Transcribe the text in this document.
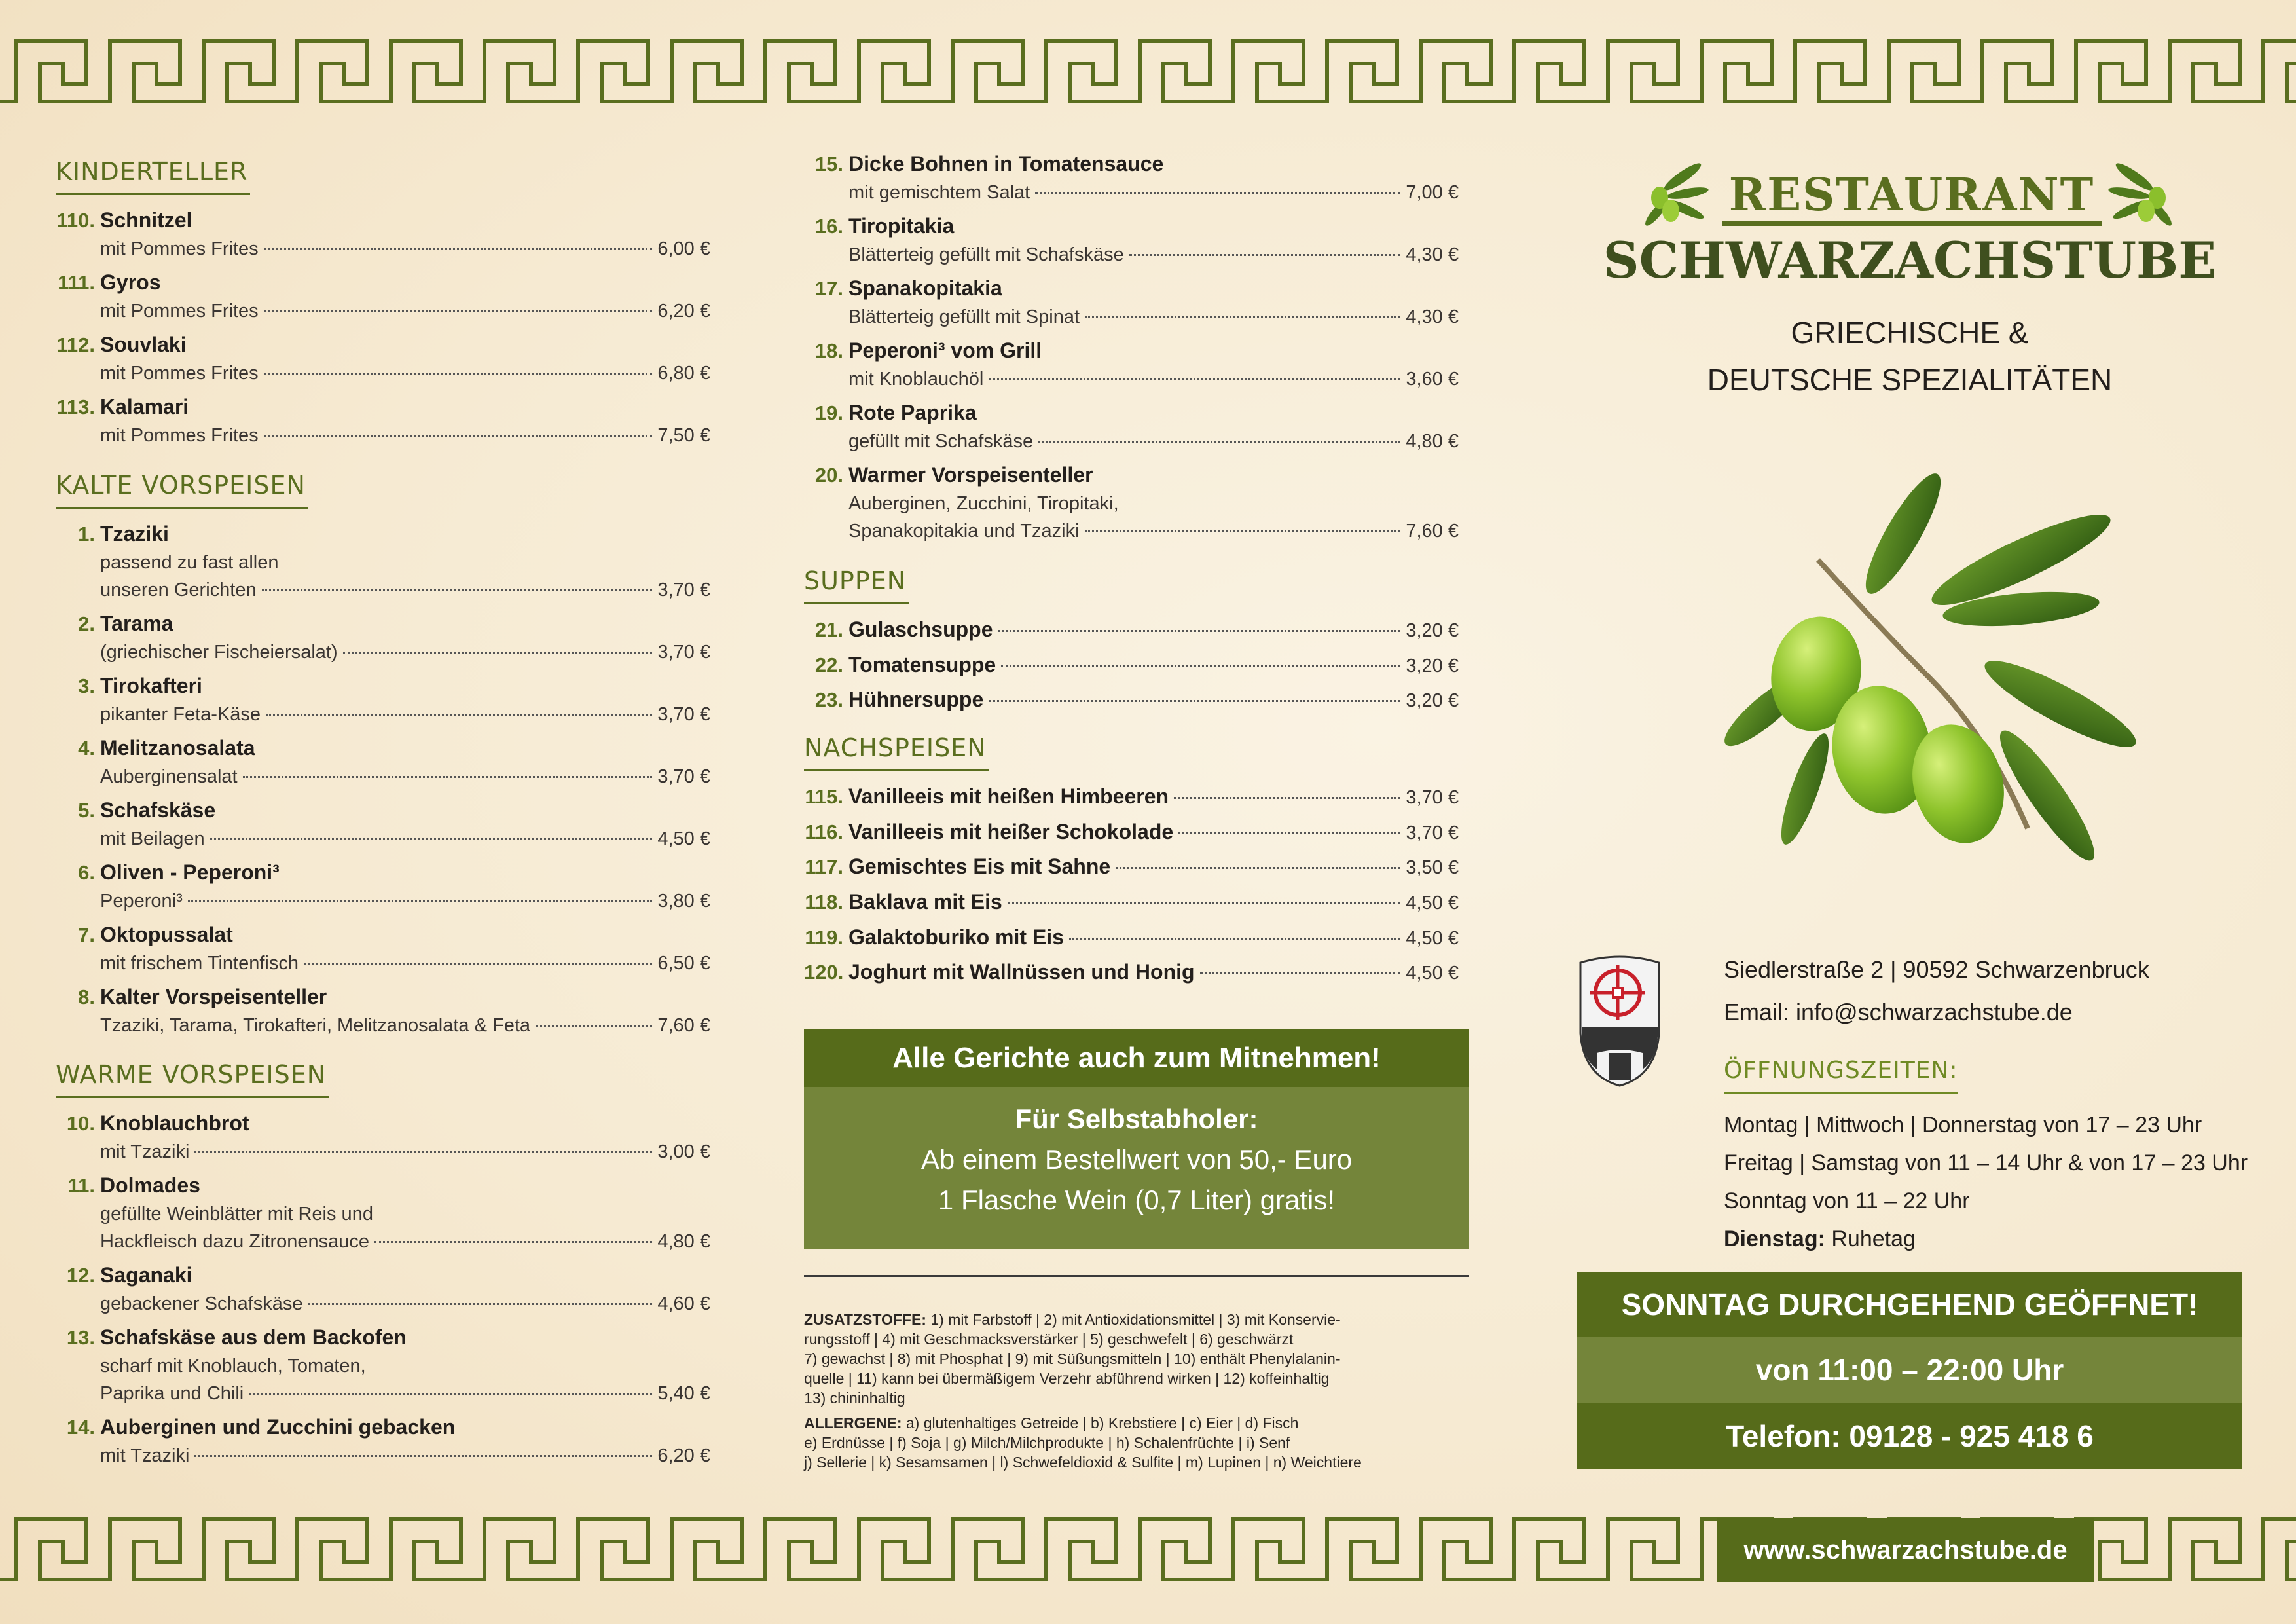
KINDERTELLER
110. Schnitzel
mit Pommes Frites	6,00 €
111. Gyros
mit Pommes Frites	6,20 €
112. Souvlaki
mit Pommes Frites	6,80 €
113. Kalamari
mit Pommes Frites	7,50 €
KALTE VORSPEISEN
1. Tzaziki
passend zu fast allen
unseren Gerichten	3,70 €
2. Tarama
(griechischer Fischeiersalat)	3,70 €
3. Tirokafteri
pikanter Feta-Käse	3,70 €
4. Melitzanosalata
Auberginensalat	3,70 €
5. Schafskäse
mit Beilagen	4,50 €
6. Oliven - Peperoni³
Peperoni³	3,80 €
7. Oktopussalat
mit frischem Tintenfisch	6,50 €
8. Kalter Vorspeisenteller
Tzaziki, Tarama, Tirokafteri, Melitzanosalata & Feta	7,60 €
WARME VORSPEISEN
10. Knoblauchbrot
mit Tzaziki	3,00 €
11. Dolmades
gefüllte Weinblätter mit Reis und
Hackfleisch dazu Zitronensauce	4,80 €
12. Saganaki
gebackener Schafskäse	4,60 €
13. Schafskäse aus dem Backofen
scharf mit Knoblauch, Tomaten,
Paprika und Chili	5,40 €
14. Auberginen und Zucchini gebacken
mit Tzaziki	6,20 €
15. Dicke Bohnen in Tomatensauce
mit gemischtem Salat	7,00 €
16. Tiropitakia
Blätterteig gefüllt mit Schafskäse	4,30 €
17. Spanakopitakia
Blätterteig gefüllt mit Spinat	4,30 €
18. Peperoni³ vom Grill
mit Knoblauchöl	3,60 €
19. Rote Paprika
gefüllt mit Schafskäse	4,80 €
20. Warmer Vorspeisenteller
Auberginen, Zucchini, Tiropitaki,
Spanakopitakia und Tzaziki	7,60 €
SUPPEN
21. Gulaschsuppe	3,20 €
22. Tomatensuppe	3,20 €
23. Hühnersuppe	3,20 €
NACHSPEISEN
115. Vanilleeis mit heißen Himbeeren	3,70 €
116. Vanilleeis mit heißer Schokolade	3,70 €
117. Gemischtes Eis mit Sahne	3,50 €
118. Baklava mit Eis	4,50 €
119. Galaktoburiko mit Eis	4,50 €
120. Joghurt mit Wallnüssen und Honig	4,50 €
Alle Gerichte auch zum Mitnehmen!
Für Selbstabholer:
Ab einem Bestellwert von 50,- Euro
1 Flasche Wein (0,7 Liter) gratis!
ZUSATZSTOFFE: 1) mit Farbstoff | 2) mit Antioxidationsmittel | 3) mit Konservie-
rungsstoff | 4) mit Geschmacksverstärker | 5) geschwefelt | 6) geschwärzt
7) gewachst | 8) mit Phosphat | 9) mit Süßungsmitteln | 10) enthält Phenylalanin-
quelle | 11) kann bei übermäßigem Verzehr abführend wirken | 12) koffeinhaltig
13) chininhaltig
ALLERGENE: a) glutenhaltiges Getreide | b) Krebstiere | c) Eier | d) Fisch
e) Erdnüsse | f) Soja | g) Milch/Milchprodukte | h) Schalenfrüchte | i) Senf
j) Sellerie | k) Sesamsamen | l) Schwefeldioxid & Sulfite | m) Lupinen | n) Weichtiere
RESTAURANT
SCHWARZACHSTUBE
GRIECHISCHE &
DEUTSCHE SPEZIALITÄTEN
Siedlerstraße 2 | 90592 Schwarzenbruck
Email: info@schwarzachstube.de
ÖFFNUNGSZEITEN:
Montag | Mittwoch | Donnerstag von 17 – 23 Uhr
Freitag | Samstag von 11 – 14 Uhr & von 17 – 23 Uhr
Sonntag von 11 – 22 Uhr
Dienstag: Ruhetag
SONNTAG DURCHGEHEND GEÖFFNET!
von 11:00 – 22:00 Uhr
Telefon: 09128 - 925 418 6
www.schwarzachstube.de
